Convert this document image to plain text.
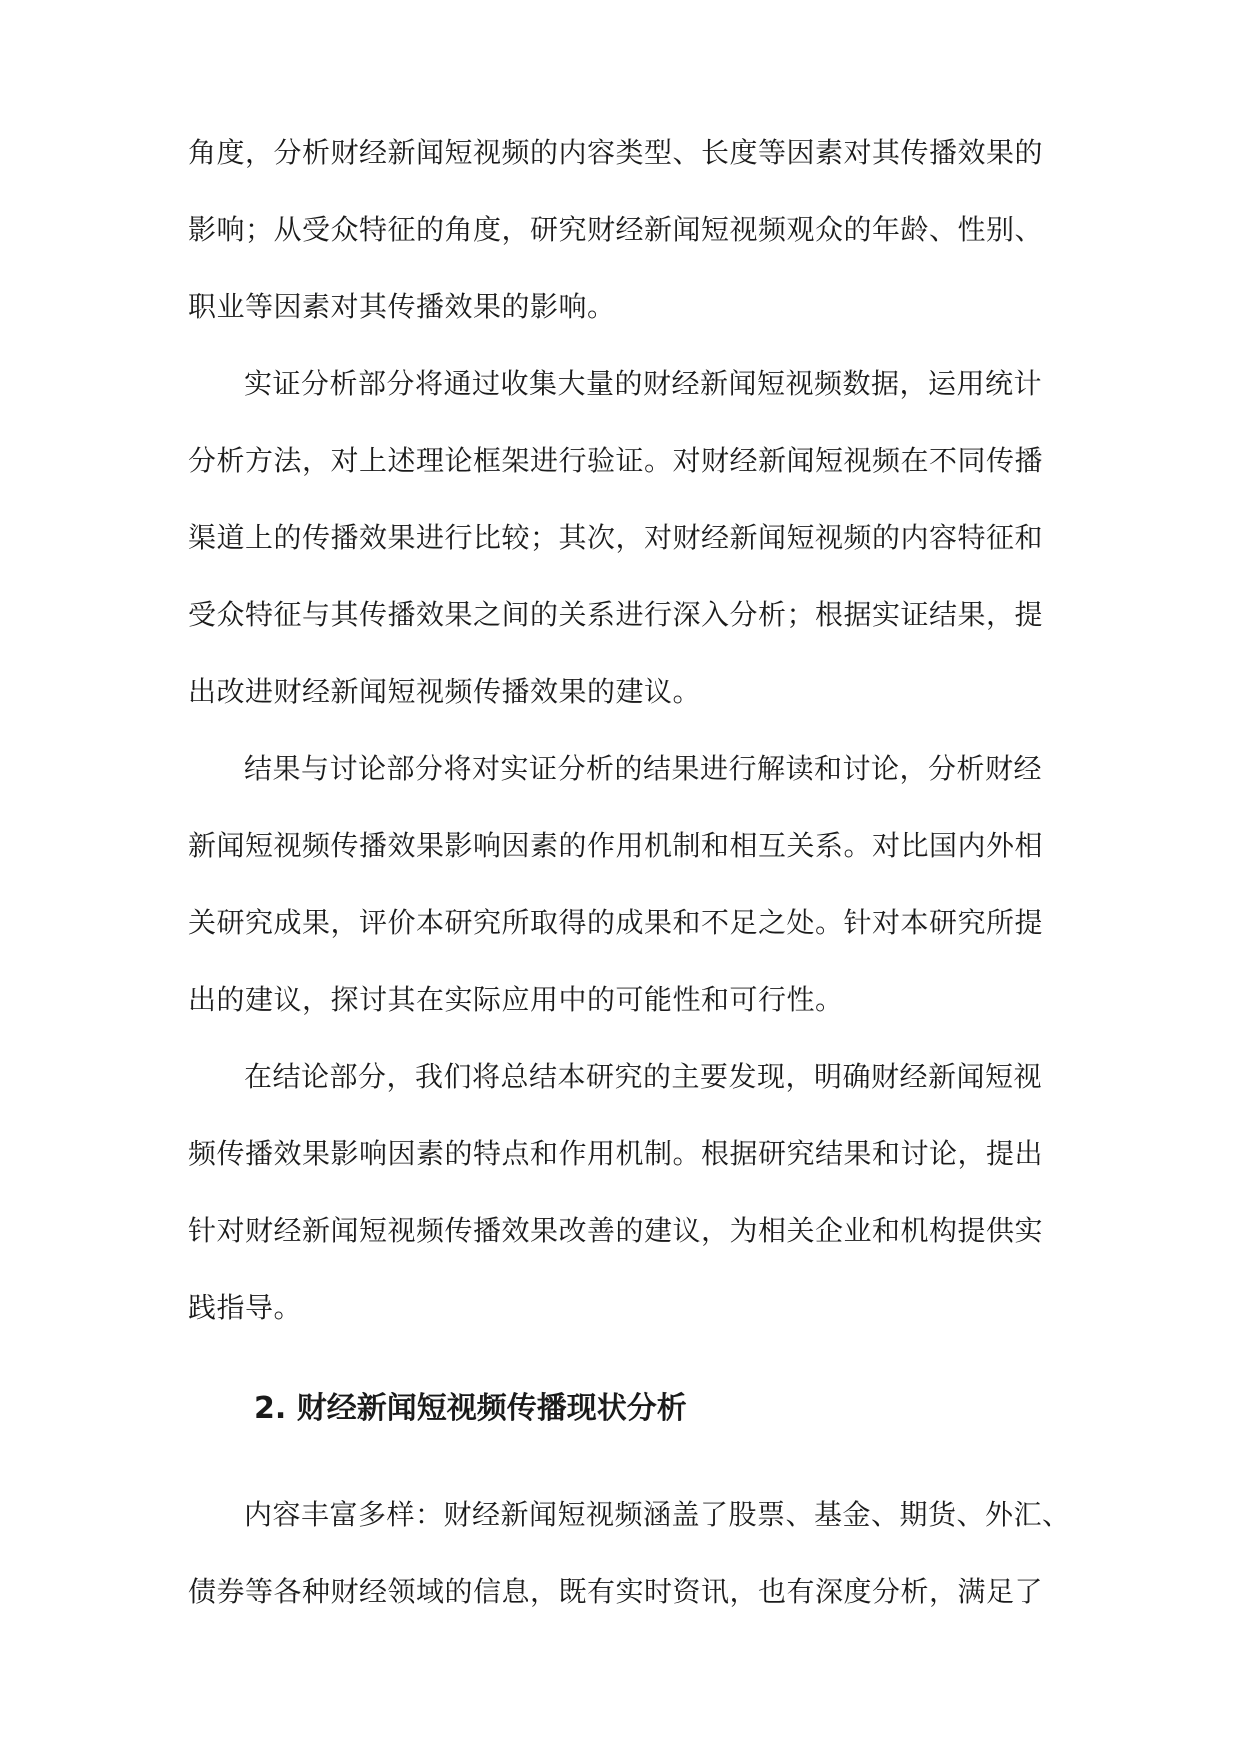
角度，分析财经新闻短视频的内容类型、长度等因素对其传播效果的
影响；从受众特征的角度，研究财经新闻短视频观众的年龄、性别、
职业等因素对其传播效果的影响。
实证分析部分将通过收集大量的财经新闻短视频数据，运用统计
分析方法，对上述理论框架进行验证。对财经新闻短视频在不同传播
渠道上的传播效果进行比较；其次，对财经新闻短视频的内容特征和
受众特征与其传播效果之间的关系进行深入分析；根据实证结果，提
出改进财经新闻短视频传播效果的建议。
结果与讨论部分将对实证分析的结果进行解读和讨论，分析财经
新闻短视频传播效果影响因素的作用机制和相互关系。对比国内外相
关研究成果，评价本研究所取得的成果和不足之处。针对本研究所提
出的建议，探讨其在实际应用中的可能性和可行性。
在结论部分，我们将总结本研究的主要发现，明确财经新闻短视
频传播效果影响因素的特点和作用机制。根据研究结果和讨论，提出
针对财经新闻短视频传播效果改善的建议，为相关企业和机构提供实
践指导。
2. 财经新闻短视频传播现状分析
内容丰富多样：财经新闻短视频涵盖了股票、基金、期货、外汇、
债券等各种财经领域的信息，既有实时资讯，也有深度分析，满足了
